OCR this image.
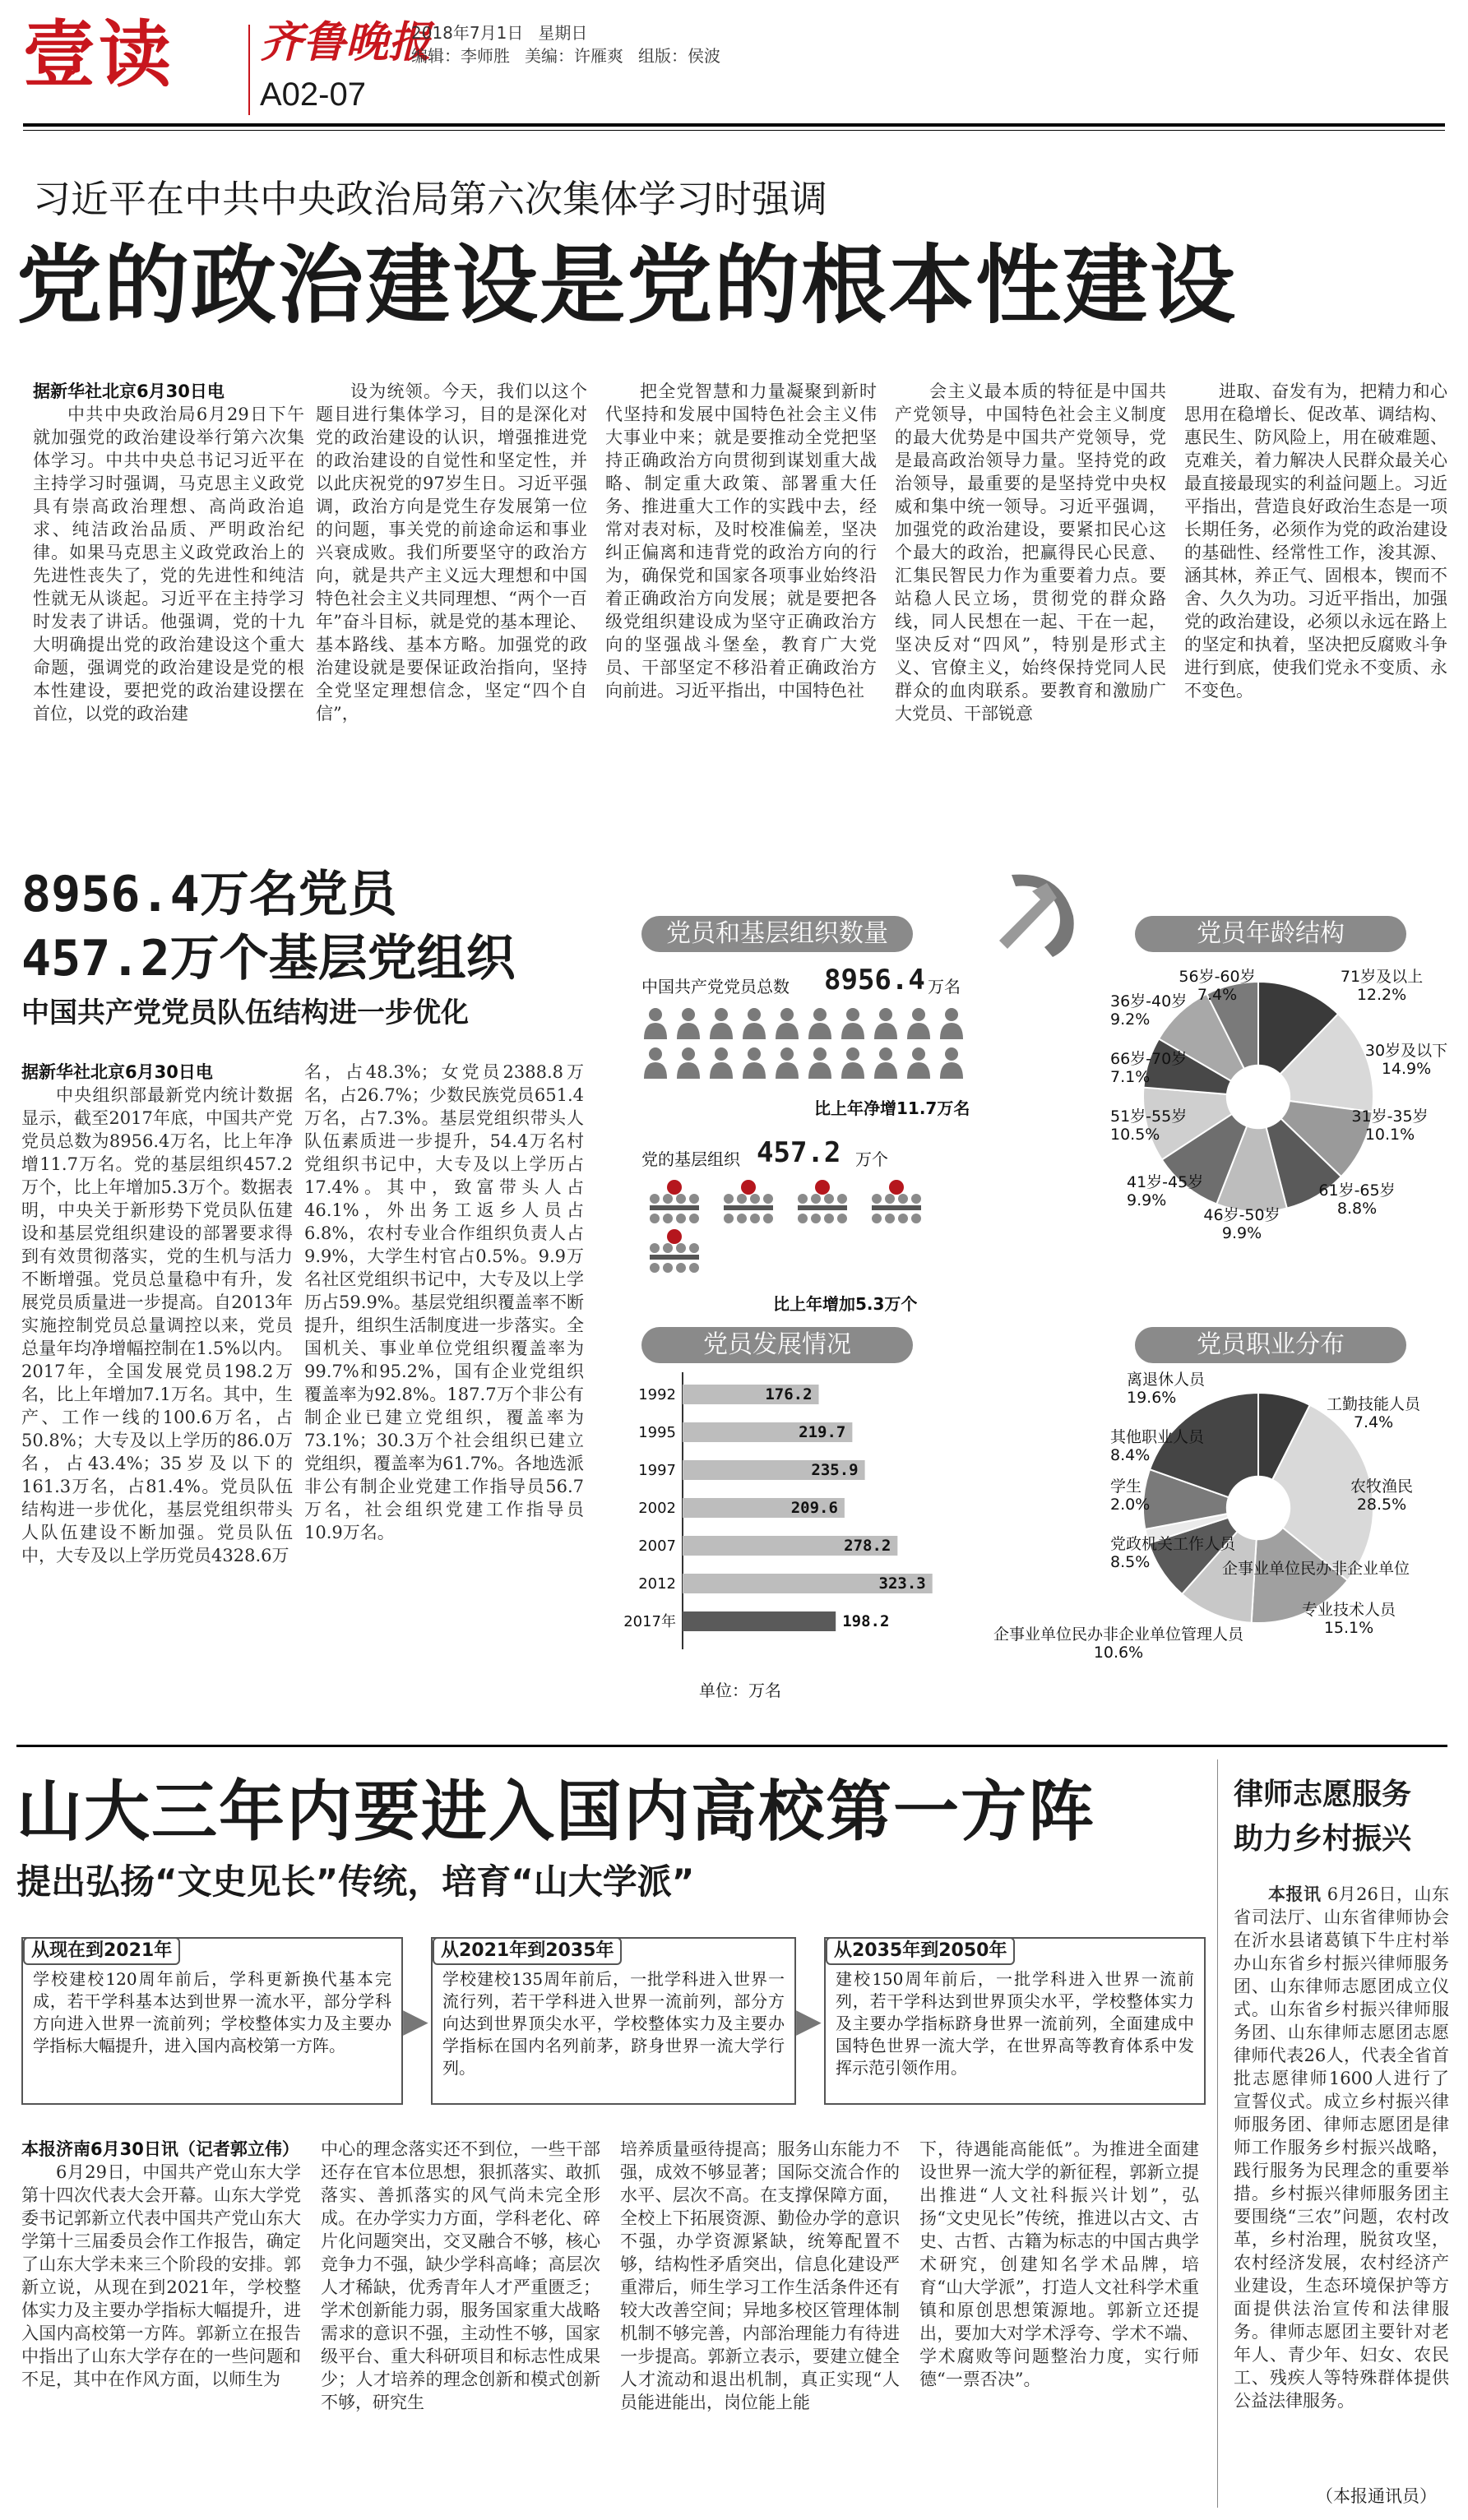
壹读 齐鲁晚报
A02-07
2018年7月1日 星期日
编辑：李师胜 美编：许雁爽 组版：侯波
习近平在中共中央政治局第六次集体学习时强调
党的政治建设是党的根本性建设

据新华社北京6月30日电

中共中央政治局6月29日下午就加强党的政治建设举行第六次集体学习。中共中央总书记习近平在主持学习时强调，马克思主义政党具有崇高政治理想、高尚政治追求、纯洁政治品质、严明政治纪律。如果马克思主义政党政治上的先进性丧失了，党的先进性和纯洁性就无从谈起。习近平在主持学习时发表了讲话。他强调，党的十九大明确提出党的政治建设这个重大命题，强调党的政治建设是党的根本性建设，要把党的政治建设摆在首位，以党的政治建

设为统领。今天，我们以这个题目进行集体学习，目的是深化对党的政治建设的认识，增强推进党的政治建设的自觉性和坚定性，并以此庆祝党的97岁生日。习近平强调，政治方向是党生存发展第一位的问题，事关党的前途命运和事业兴衰成败。我们所要坚守的政治方向，就是共产主义远大理想和中国特色社会主义共同理想、“两个一百年”奋斗目标，就是党的基本理论、基本路线、基本方略。加强党的政治建设就是要保证政治指向，坚持全党坚定理想信念，坚定“四个自信”，

把全党智慧和力量凝聚到新时代坚持和发展中国特色社会主义伟大事业中来；就是要推动全党把坚持正确政治方向贯彻到谋划重大战略、制定重大政策、部署重大任务、推进重大工作的实践中去，经常对表对标，及时校准偏差，坚决纠正偏离和违背党的政治方向的行为，确保党和国家各项事业始终沿着正确政治方向发展；就是要把各级党组织建设成为坚守正确政治方向的坚强战斗堡垒，教育广大党员、干部坚定不移沿着正确政治方向前进。习近平指出，中国特色社

会主义最本质的特征是中国共产党领导，中国特色社会主义制度的最大优势是中国共产党领导，党是最高政治领导力量。坚持党的政治领导，最重要的是坚持党中央权威和集中统一领导。习近平强调，加强党的政治建设，要紧扣民心这个最大的政治，把赢得民心民意、汇集民智民力作为重要着力点。要站稳人民立场，贯彻党的群众路线，同人民想在一起、干在一起，坚决反对“四风”，特别是形式主义、官僚主义，始终保持党同人民群众的血肉联系。要教育和激励广大党员、干部锐意

进取、奋发有为，把精力和心思用在稳增长、促改革、调结构、惠民生、防风险上，用在破难题、克难关，着力解决人民群众最关心最直接最现实的利益问题上。习近平指出，营造良好政治生态是一项长期任务，必须作为党的政治建设的基础性、经常性工作，浚其源、涵其林，养正气、固根本，锲而不舍、久久为功。习近平指出，加强党的政治建设，必须以永远在路上的坚定和执着，坚决把反腐败斗争进行到底，使我们党永不变质、永不变色。

8956.4万名党员
457.2万个基层党组织
中国共产党党员队伍结构进一步优化

据新华社北京6月30日电

中央组织部最新党内统计数据显示，截至2017年底，中国共产党党员总数为8956.4万名，比上年净增11.7万名。党的基层组织457.2万个，比上年增加5.3万个。数据表明，中央关于新形势下党员队伍建设和基层党组织建设的部署要求得到有效贯彻落实，党的生机与活力不断增强。党员总量稳中有升，发展党员质量进一步提高。自2013年实施控制党员总量调控以来，党员总量年均净增幅控制在1.5%以内。2017年，全国发展党员198.2万名，比上年增加7.1万名。其中，生产、工作一线的100.6万名，占50.8%；大专及以上学历的86.0万名，占43.4%；35岁及以下的161.3万名，占81.4%。党员队伍结构进一步优化，基层党组织带头人队伍建设不断加强。党员队伍中，大专及以上学历党员4328.6万

名，占48.3%；女党员2388.8万名，占26.7%；少数民族党员651.4万名，占7.3%。基层党组织带头人队伍素质进一步提升，54.4万名村党组织书记中，大专及以上学历占17.4%。其中，致富带头人占46.1%，外出务工返乡人员占6.8%，农村专业合作组织负责人占9.9%，大学生村官占0.5%。9.9万名社区党组织书记中，大专及以上学历占59.9%。基层党组织覆盖率不断提升，组织生活制度进一步落实。全国机关、事业单位党组织覆盖率为99.7%和95.2%，国有企业党组织覆盖率为92.8%。187.7万个非公有制企业已建立党组织，覆盖率为73.1%；30.3万个社会组织已建立党组织，覆盖率为61.7%。各地选派非公有制企业党建工作指导员56.7万名，社会组织党建工作指导员10.9万名。

党员和基层组织数量
中国共产党党员总数 8956.4 万名
比上年净增11.7万名
党的基层组织 457.2 万个
比上年增加5.3万个
党员年龄结构
71岁及以上
12.2%
30岁及以下
14.9%
31岁-35岁
10.1%
61岁-65岁
8.8%
46岁-50岁
9.9%
41岁-45岁
9.9%
51岁-55岁
10.5%
66岁-70岁
7.1%
36岁-40岁
9.2%
56岁-60岁
7.4%
党员发展情况
1992	176.2
1995	219.7
1997	235.9
2002	209.6
2007	278.2
2012	323.3
2017年	198.2
单位：万名
党员职业分布
工勤技能人员
7.4%
农牧渔民
28.5%
专业技术人员
15.1%
企事业单位民办非企业单位管理人员
10.6%
党政机关工作人员
8.5%
学生
2.0%
其他职业人员
8.4%
离退休人员
19.6%
企事业单位民办非企业单位
山大三年内要进入国内高校第一方阵
提出弘扬“文史见长”传统，培育“山大学派”
从现在到2021年
学校建校120周年前后，学科更新换代基本完成，若干学科基本达到世界一流水平，部分学科方向进入世界一流前列；学校整体实力及主要办学指标大幅提升，进入国内高校第一方阵。
▶
从2021年到2035年
学校建校135周年前后，一批学科进入世界一流行列，若干学科进入世界一流前列，部分方向达到世界顶尖水平，学校整体实力及主要办学指标在国内名列前茅，跻身世界一流大学行列。
▶
从2035年到2050年
建校150周年前后，一批学科进入世界一流前列，若干学科达到世界顶尖水平，学校整体实力及主要办学指标跻身世界一流前列，全面建成中国特色世界一流大学，在世界高等教育体系中发挥示范引领作用。

本报济南6月30日讯（记者郭立伟）

6月29日，中国共产党山东大学第十四次代表大会开幕。山东大学党委书记郭新立代表中国共产党山东大学第十三届委员会作工作报告，确定了山东大学未来三个阶段的安排。郭新立说，从现在到2021年，学校整体实力及主要办学指标大幅提升，进入国内高校第一方阵。郭新立在报告中指出了山东大学存在的一些问题和不足，其中在作风方面，以师生为

中心的理念落实还不到位，一些干部还存在官本位思想，狠抓落实、敢抓落实、善抓落实的风气尚未完全形成。在办学实力方面，学科老化、碎片化问题突出，交叉融合不够，核心竞争力不强，缺少学科高峰；高层次人才稀缺，优秀青年人才严重匮乏；学术创新能力弱，服务国家重大战略需求的意识不强，主动性不够，国家级平台、重大科研项目和标志性成果少；人才培养的理念创新和模式创新不够，研究生

培养质量亟待提高；服务山东能力不强，成效不够显著；国际交流合作的水平、层次不高。在支撑保障方面，全校上下拓展资源、勤俭办学的意识不强，办学资源紧缺，统筹配置不够，结构性矛盾突出，信息化建设严重滞后，师生学习工作生活条件还有较大改善空间；异地多校区管理体制机制不够完善，内部治理能力有待进一步提高。郭新立表示，要建立健全人才流动和退出机制，真正实现“人员能进能出，岗位能上能

下，待遇能高能低”。为推进全面建设世界一流大学的新征程，郭新立提出推进“人文社科振兴计划”，弘扬“文史见长”传统，推进以古文、古史、古哲、古籍为标志的中国古典学术研究，创建知名学术品牌，培育“山大学派”，打造人文社科学术重镇和原创思想策源地。郭新立还提出，要加大对学术浮夸、学术不端、学术腐败等问题整治力度，实行师德“一票否决”。

律师志愿服务
助力乡村振兴

本报讯 6月26日，山东省司法厅、山东省律师协会在沂水县诸葛镇下牛庄村举办山东省乡村振兴律师服务团、山东律师志愿团成立仪式。山东省乡村振兴律师服务团、山东律师志愿团志愿律师代表26人，代表全省首批志愿律师1600人进行了宣誓仪式。成立乡村振兴律师服务团、律师志愿团是律师工作服务乡村振兴战略，践行服务为民理念的重要举措。乡村振兴律师服务团主要围绕“三农”问题，农村改革，乡村治理，脱贫攻坚，农村经济发展，农村经济产业建设，生态环境保护等方面提供法治宣传和法律服务。律师志愿团主要针对老年人、青少年、妇女、农民工、残疾人等特殊群体提供公益法律服务。

（本报通讯员）
